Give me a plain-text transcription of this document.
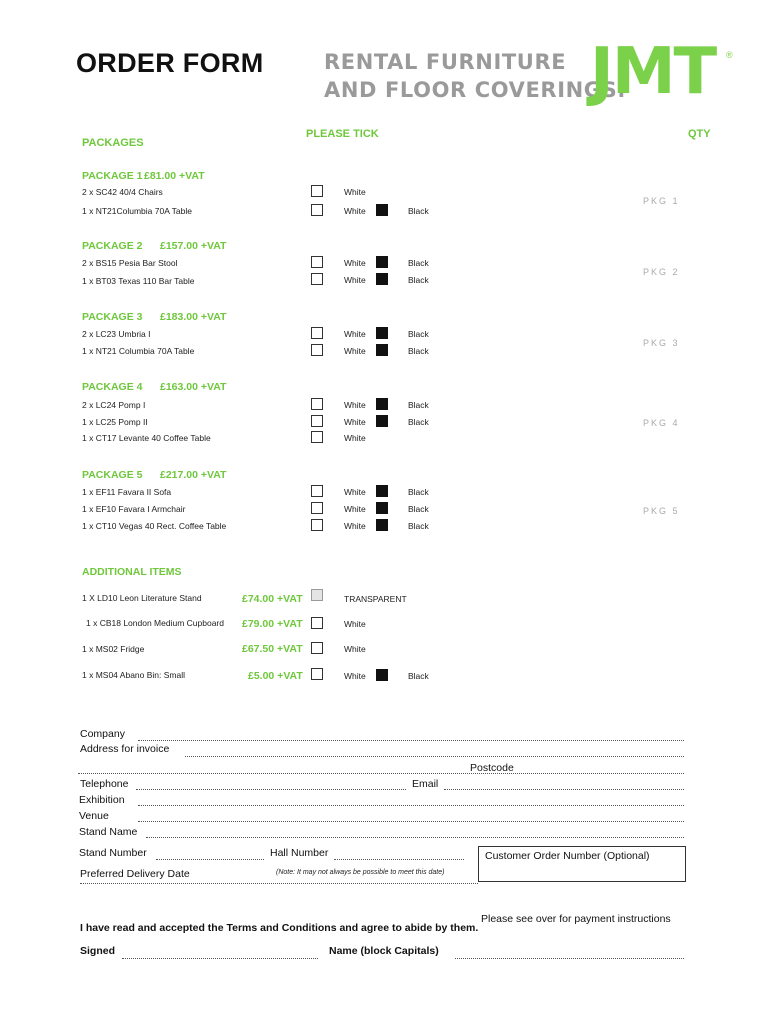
ORDER FORM	RENTAL FURNITURE
AND FLOOR COVERINGS.
JMT ®
PACKAGES
PLEASE TICK	QTY
PACKAGE 1 £81.00 +VAT
2 x SC42 40/4 Chairs	White
1 x NT21Columbia 70A Table	White	Black
PKG 1
PACKAGE 2 £157.00 +VAT
2 x BS15 Pesia Bar Stool	White	Black
1 x BT03 Texas 110 Bar Table	White	Black
PKG 2
PACKAGE 3 £183.00 +VAT
2 x LC23 Umbria I	White	Black
1 x NT21 Columbia 70A Table	White	Black
PKG 3
PACKAGE 4 £163.00 +VAT
2 x LC24 Pomp I	White	Black
1 x LC25 Pomp II	White	Black
1 x CT17 Levante 40 Coffee Table	White
PKG 4
PACKAGE 5 £217.00 +VAT
1 x EF11 Favara II Sofa	White	Black
1 x EF10 Favara I Armchair	White	Black
1 x CT10 Vegas 40 Rect. Coffee Table	White	Black
PKG 5
ADDITIONAL ITEMS
1 X LD10 Leon Literature Stand	£74.00 +VAT	TRANSPARENT
1 x CB18 London Medium Cupboard £79.00 +VAT	White
1 x MS02 Fridge	£67.50 +VAT	White
1 x MS04 Abano Bin: Small	£5.00 +VAT	White	Black
Company
Address for invoice
Postcode
Telephone	Email
Exhibition
Venue
Stand Name
Stand Number	Hall Number	Customer Order Number (Optional)
Preferred Delivery Date	(Note: It may not always be possible to meet this date)
Please see over for payment instructions
I have read and accepted the Terms and Conditions and agree to abide by them.
Signed	Name (block Capitals)
